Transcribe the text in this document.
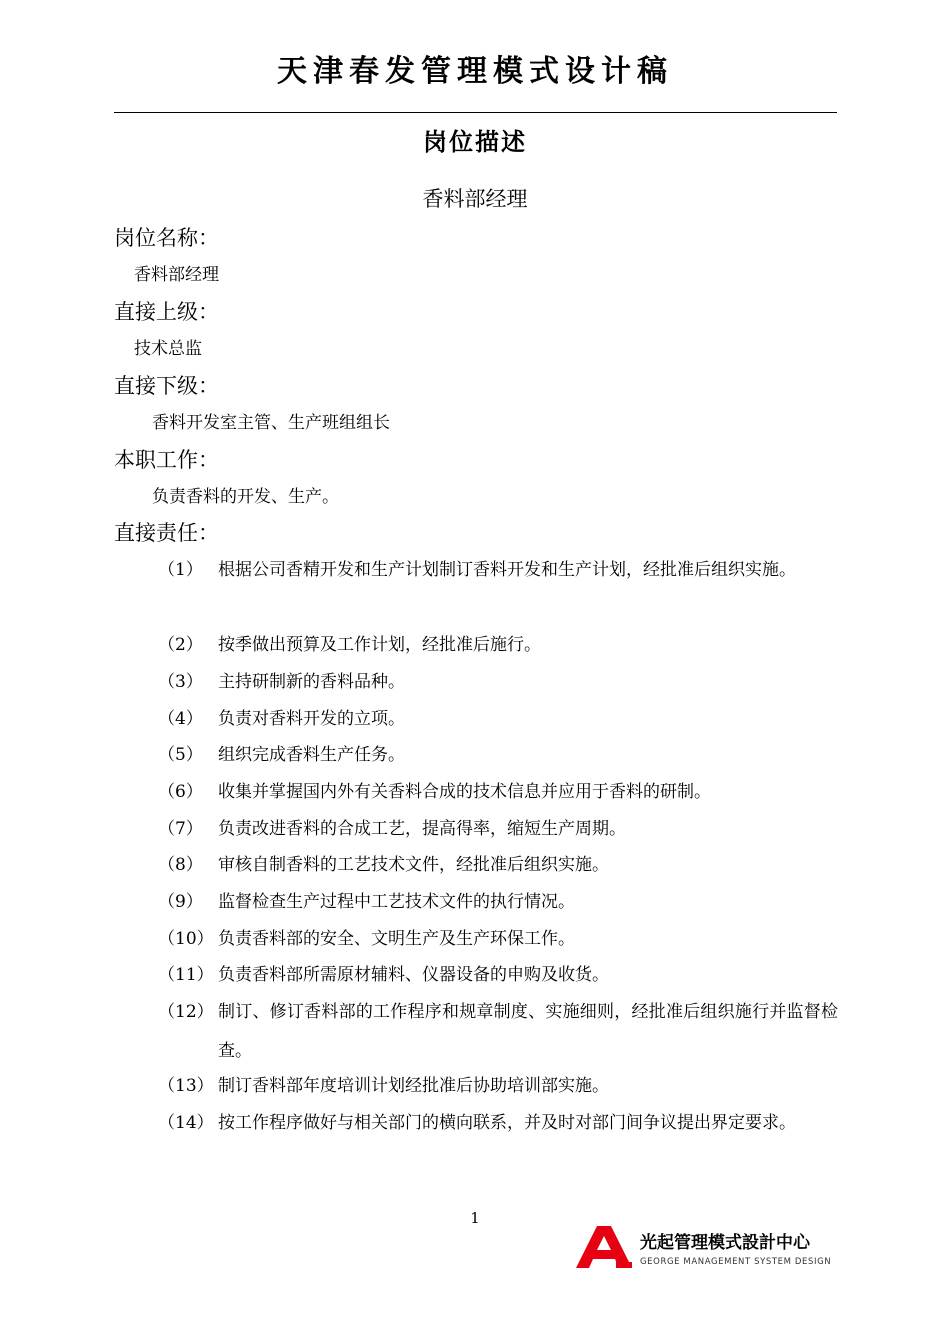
天津春发管理模式设计稿
岗位描述
香料部经理
岗位名称：
香料部经理
直接上级：
技术总监
直接下级：
香料开发室主管、生产班组组长
本职工作：
负责香料的开发、生产。
直接责任：
（1） 根据公司香精开发和生产计划制订香料开发和生产计划，经批准后组织实施。
（2） 按季做出预算及工作计划，经批准后施行。
（3） 主持研制新的香料品种。
（4） 负责对香料开发的立项。
（5） 组织完成香料生产任务。
（6） 收集并掌握国内外有关香料合成的技术信息并应用于香料的研制。
（7） 负责改进香料的合成工艺，提高得率，缩短生产周期。
（8） 审核自制香料的工艺技术文件，经批准后组织实施。
（9） 监督检查生产过程中工艺技术文件的执行情况。
（10） 负责香料部的安全、文明生产及生产环保工作。
（11） 负责香料部所需原材辅料、仪器设备的申购及收货。
（12） 制订、修订香料部的工作程序和规章制度、实施细则，经批准后组织施行并监督检查。
（13） 制订香料部年度培训计划经批准后协助培训部实施。
（14） 按工作程序做好与相关部门的横向联系，并及时对部门间争议提出界定要求。
1
光起管理模式設計中心
GEORGE MANAGEMENT SYSTEM DESIGN
